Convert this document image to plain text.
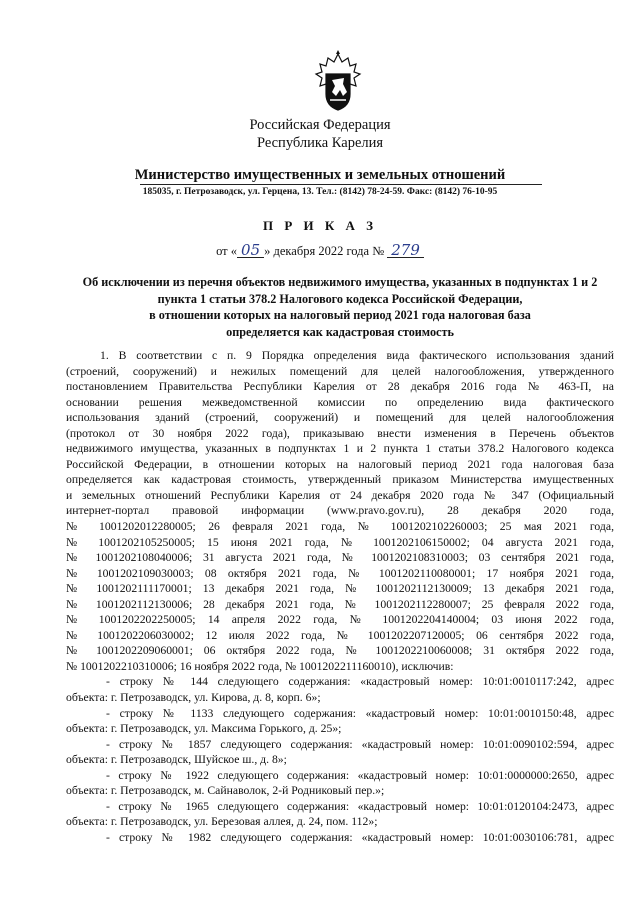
Российская Федерация
Республика Карелия
Министерство имущественных и земельных отношений
185035, г. Петрозаводск, ул. Герцена, 13. Тел.: (8142) 78-24-59. Факс: (8142) 76-10-95
П Р И К А З
от « 05 » декабря 2022 года № 279
Об исключении из перечня объектов недвижимого имущества, указанных в подпунктах 1 и 2
пункта 1 статьи 378.2 Налогового кодекса Российской Федерации,
в отношении которых на налоговый период 2021 года налоговая база
определяется как кадастровая стоимость
1. В соответствии с п. 9 Порядка определения вида фактического использования зданий
(строений, сооружений) и нежилых помещений для целей налогообложения, утвержденного
постановлением Правительства Республики Карелия от 28 декабря 2016 года № 463-П, на
основании решения межведомственной комиссии по определению вида фактического
использования зданий (строений, сооружений) и помещений для целей налогообложения
(протокол от 30 ноября 2022 года), приказываю внести изменения в Перечень объектов
недвижимого имущества, указанных в подпунктах 1 и 2 пункта 1 статьи 378.2 Налогового кодекса
Российской Федерации, в отношении которых на налоговый период 2021 года налоговая база
определяется как кадастровая стоимость, утвержденный приказом Министерства имущественных
и земельных отношений Республики Карелия от 24 декабря 2020 года № 347 (Официальный
интернет-портал правовой информации (www.pravo.gov.ru), 28 декабря 2020 года,
№ 1001202012280005; 26 февраля 2021 года, № 1001202102260003; 25 мая 2021 года,
№ 1001202105250005; 15 июня 2021 года, № 1001202106150002; 04 августа 2021 года,
№ 1001202108040006; 31 августа 2021 года, № 1001202108310003; 03 сентября 2021 года,
№ 1001202109030003; 08 октября 2021 года, № 1001202110080001; 17 ноября 2021 года,
№ 1001202111170001; 13 декабря 2021 года, № 1001202112130009; 13 декабря 2021 года,
№ 1001202112130006; 28 декабря 2021 года, № 1001202112280007; 25 февраля 2022 года,
№ 1001202202250005; 14 апреля 2022 года, № 1001202204140004; 03 июня 2022 года,
№ 1001202206030002; 12 июля 2022 года, № 1001202207120005; 06 сентября 2022 года,
№ 1001202209060001; 06 октября 2022 года, № 1001202210060008; 31 октября 2022 года,
№ 1001202210310006; 16 ноября 2022 года, № 1001202211160010), исключив:
- строку № 144 следующего содержания: «кадастровый номер: 10:01:0010117:242, адрес
объекта: г. Петрозаводск, ул. Кирова, д. 8, корп. 6»;
- строку № 1133 следующего содержания: «кадастровый номер: 10:01:0010150:48, адрес
объекта: г. Петрозаводск, ул. Максима Горького, д. 25»;
- строку № 1857 следующего содержания: «кадастровый номер: 10:01:0090102:594, адрес
объекта: г. Петрозаводск, Шуйское ш., д. 8»;
- строку № 1922 следующего содержания: «кадастровый номер: 10:01:0000000:2650, адрес
объекта: г. Петрозаводск, м. Сайнаволок, 2-й Родниковый пер.»;
- строку № 1965 следующего содержания: «кадастровый номер: 10:01:0120104:2473, адрес
объекта: г. Петрозаводск, ул. Березовая аллея, д. 24, пом. 112»;
- строку № 1982 следующего содержания: «кадастровый номер: 10:01:0030106:781, адрес
